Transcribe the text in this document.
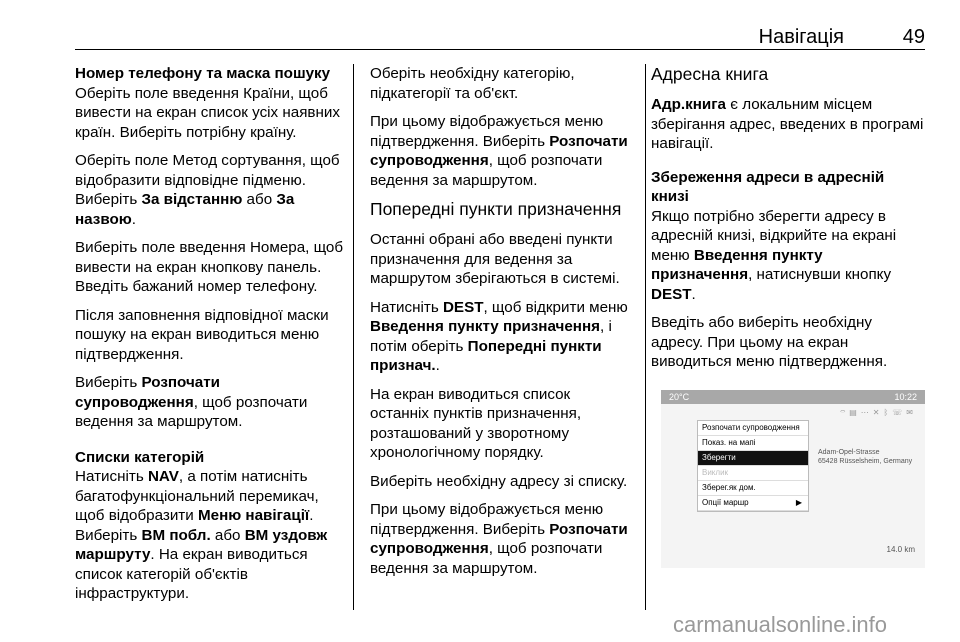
Навігація	49

Номер телефону та маска пошуку

Оберіть поле введення Країни, щоб вивести на екран список усіх наявних країн. Виберіть потрібну країну.

Оберіть поле Метод сортування, щоб відобразити відповідне підменю. Виберіть За відстанню або За назвою.

Виберіть поле введення Номера, щоб вивести на екран кнопкову панель. Введіть бажаний номер телефону.

Після заповнення відповідної маски пошуку на екран виводиться меню підтвердження.

Виберіть Розпочати супроводження, щоб розпочати ведення за маршрутом.

Списки категорій

Натисніть NAV, а потім натисніть багатофункціональний перемикач, щоб відобразити Меню навігації. Виберіть ВМ побл. або ВМ уздовж маршруту. На екран виводиться список категорій об'єктів інфраструктури.

Оберіть необхідну категорію, підкатегорії та об'єкт.

При цьому відображується меню підтвердження. Виберіть Розпочати супроводження, щоб розпочати ведення за маршрутом.

Попередні пункти призначення

Останні обрані або введені пункти призначення для ведення за маршрутом зберігаються в системі.

Натисніть DEST, щоб відкрити меню Введення пункту призначення, і потім оберіть Попередні пункти признач..

На екран виводиться список останніх пунктів призначення, розташований у зворотному хронологічному порядку.

Виберіть необхідну адресу зі списку.

При цьому відображується меню підтвердження. Виберіть Розпочати супроводження, щоб розпочати ведення за маршрутом.

Адресна книга

Адр.книга є локальним місцем зберігання адрес, введених в програмі навігації.

Збереження адреси в адресній книзі

Якщо потрібно зберегти адресу в адресній книзі, відкрийте на екрані меню Введення пункту призначення, натиснувши кнопку DEST.

Введіть або виберіть необхідну адресу. При цьому на екран виводиться меню підтвердження.

20°C	10:22
⌔▤⋯✕ᛒ☏✉
Розпочати супроводження
Показ. на мапі
Зберегти
Виклик
Зберег.як дом.
Опції маршр	▶
Adam-Opel-Strasse
65428 Rüsselsheim, Germany
14.0 km
carmanualsonline.info
